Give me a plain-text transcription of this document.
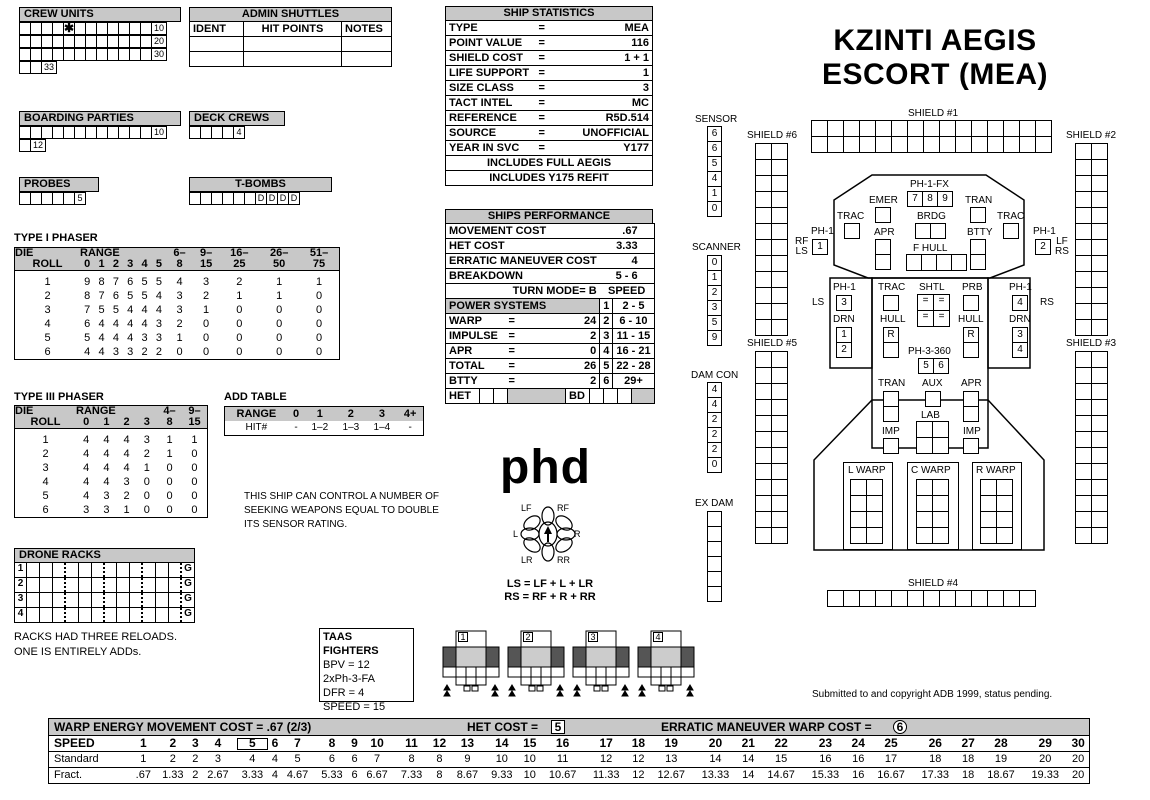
KZINTI AEGIS
ESCORT (MEA)
CREW UNITS
✱	10
20
30
33
ADMIN SHUTTLES
IDENT	HIT POINTS	NOTES

BOARDING PARTIES
10
12
DECK CREWS
4
PROBES
5
T-BOMBS
D D D D
SHIP STATISTICS
TYPE	=	MEA
POINT VALUE	=	116
SHIELD COST	=	1 + 1
LIFE SUPPORT	=	1
SIZE CLASS	=	3
TACT INTEL	=	MC
REFERENCE	=	R5D.514
SOURCE	=	UNOFFICIAL
YEAR IN SVC	=	Y177
INCLUDES FULL AEGIS		
INCLUDES Y175 REFIT		
SHIPS PERFORMANCE
MOVEMENT COST			.67	
HET COST			3.33	
ERRATIC MANEUVER COST			4	
BREAKDOWN			5 - 6	
TURN MODE= B			SPEED	
POWER SYSTEMS			1	2 - 5
WARP	=	24	2	6 - 10
IMPULSE	=	2	3	11 - 15
APR	=	0	4	16 - 21
TOTAL	=	26	5	22 - 28
BTTY	=	2	6	29+

HET BD				
TYPE I PHASER
DIE	RANGE						6–	9–	16–	26–	51–
ROLL	0	1	2	3	4	5	8	15	25	50	75

1	9	8	7	6	5	5	4	3	2	1	1
2	8	7	6	5	5	4	3	2	1	1	0
3	7	5	5	4	4	4	3	1	0	0	0
4	6	4	4	4	4	3	2	0	0	0	0
5	5	4	4	4	3	3	1	0	0	0	0
6	4	4	3	3	2	2	0	0	0	0	0
TYPE III PHASER
DIE	RANGE				4–	9–
ROLL	0	1	2	3	8	15

1	4	4	4	3	1	1
2	4	4	4	2	1	0
3	4	4	4	1	0	0
4	4	4	3	0	0	0
5	4	3	2	0	0	0
6	3	3	1	0	0	0
ADD TABLE
RANGE	0	1	2	3	4+
HIT#	-	1–2	1–3	1–4	-
THIS SHIP CAN CONTROL A NUMBER OF
SEEKING WEAPONS EQUAL TO DOUBLE
ITS SENSOR RATING.
DRONE RACKS
1	G
2	G
3	G
4	G
RACKS HAD THREE RELOADS.
ONE IS ENTIRELY ADDs.
phd
LF	RF
L	R
LR	RR
LS = LF + L + LR
RS = RF + R + RR
TAAS FIGHTERS
BPV = 12
2xPh-3-FA
DFR = 4
SPEED = 15
1	2	3	4
SENSOR
6
6
5
4
1
0
SCANNER
0
1
2
3
5
9
DAM CON
4
4
2
2
2
0
EX DAM
SHIELD #1
SHIELD #4
SHIELD #6	SHIELD #2
SHIELD #5	SHIELD #3
PH-1-FX
7 8 9
EMER	TRAN
TRAC	TRAC
BRDG
APR	BTTY
F HULL
PH-1
RF
LS 1
PH-1
LF
RS
2
LS
PH-1
3
DRN
1
2
RS
PH-1
4
DRN
3
4
TRAC SHTL
=	=
=	=
PRB
HULL
R
HULL
R
PH-3-360
5 6
TRAN AUX APR
LAB
IMP	IMP
L WARP	C WARP	R WARP
Submitted to and copyright ADB 1999, status pending.
WARP ENERGY MOVEMENT COST = .67 (2/3)	HET COST =	5	ERRATIC MANEUVER WARP COST =	6
SPEED	1	2	3	4	5	6	7	8	9	10	11	12	13	14	15	16	17	18	19	20	21	22	23	24	25	26	27	28	29	30
Standard	1	2	2	3	4	4	5	6	6	7	8	8	9	10	10	11	12	12	13	14	14	15	16	16	17	18	18	19	20	20
Fract.	.67	1.33	2	2.67	3.33	4	4.67	5.33	6	6.67	7.33	8	8.67	9.33	10	10.67	11.33	12	12.67	13.33	14	14.67	15.33	16	16.67	17.33	18	18.67	19.33	20
